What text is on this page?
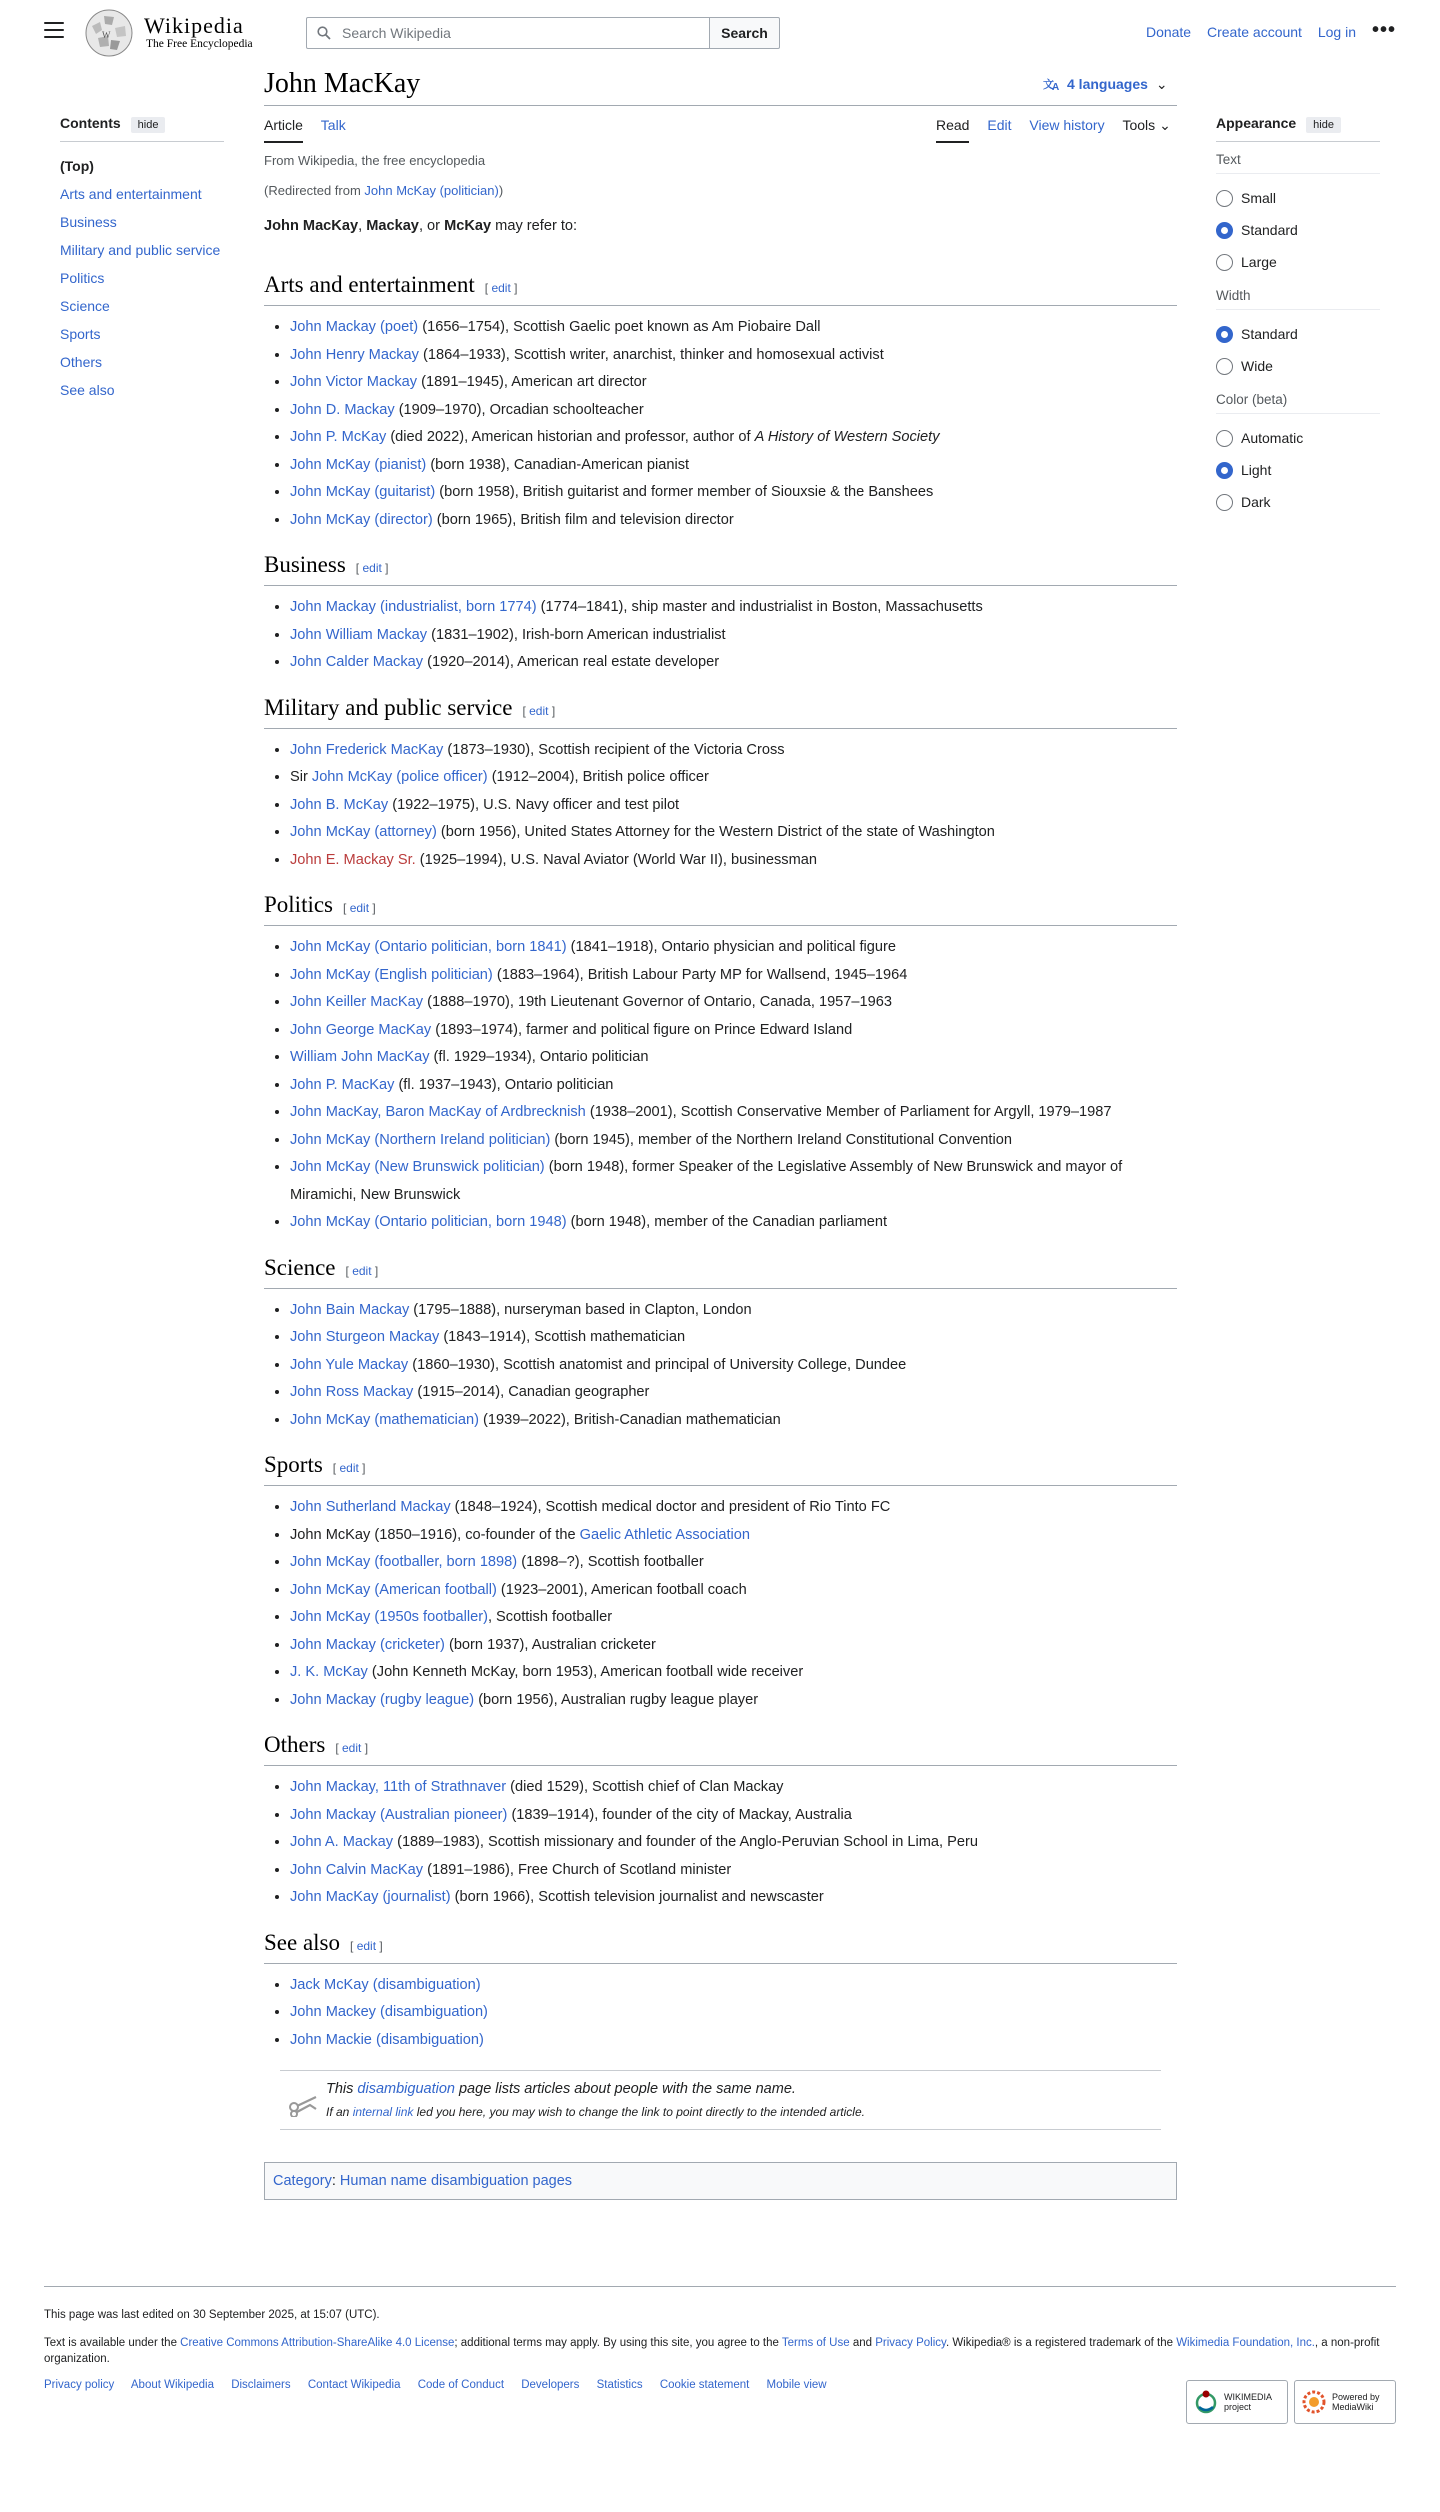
W Wikipedia
The Free Encyclopedia
Search Wikipedia	Search	Donate Create account Log in •••
John MacKay	文
A 4 languages ⌄
Article Talk	Read Edit View history Tools ⌄
Contents hide
(Top)
Arts and entertainment
Business
Military and public service
Politics
Science
Sports
Others
See also
Appearance hide
Text
Small
Standard
Large
Width
Standard
Wide
Color (beta)
Automatic
Light
Dark
From Wikipedia, the free encyclopedia
(Redirected from John McKay (politician))
John MacKay, Mackay, or McKay may refer to:
Arts and entertainment [ edit ]
• John Mackay (poet) (1656–1754), Scottish Gaelic poet known as Am Piobaire Dall
• John Henry Mackay (1864–1933), Scottish writer, anarchist, thinker and homosexual activist
• John Victor Mackay (1891–1945), American art director
• John D. Mackay (1909–1970), Orcadian schoolteacher
• John P. McKay (died 2022), American historian and professor, author of A History of Western Society
• John McKay (pianist) (born 1938), Canadian-American pianist
• John McKay (guitarist) (born 1958), British guitarist and former member of Siouxsie & the Banshees
• John McKay (director) (born 1965), British film and television director
Business [ edit ]
• John Mackay (industrialist, born 1774) (1774–1841), ship master and industrialist in Boston, Massachusetts
• John William Mackay (1831–1902), Irish-born American industrialist
• John Calder Mackay (1920–2014), American real estate developer
Military and public service [ edit ]
• John Frederick MacKay (1873–1930), Scottish recipient of the Victoria Cross
• Sir John McKay (police officer) (1912–2004), British police officer
• John B. McKay (1922–1975), U.S. Navy officer and test pilot
• John McKay (attorney) (born 1956), United States Attorney for the Western District of the state of Washington
• John E. Mackay Sr. (1925–1994), U.S. Naval Aviator (World War II), businessman
Politics [ edit ]
• John McKay (Ontario politician, born 1841) (1841–1918), Ontario physician and political figure
• John McKay (English politician) (1883–1964), British Labour Party MP for Wallsend, 1945–1964
• John Keiller MacKay (1888–1970), 19th Lieutenant Governor of Ontario, Canada, 1957–1963
• John George MacKay (1893–1974), farmer and political figure on Prince Edward Island
• William John MacKay (fl. 1929–1934), Ontario politician
• John P. MacKay (fl. 1937–1943), Ontario politician
• John MacKay, Baron MacKay of Ardbrecknish (1938–2001), Scottish Conservative Member of Parliament for Argyll, 1979–1987
• John McKay (Northern Ireland politician) (born 1945), member of the Northern Ireland Constitutional Convention
• John McKay (New Brunswick politician) (born 1948), former Speaker of the Legislative Assembly of New Brunswick and mayor of Miramichi, New Brunswick
• John McKay (Ontario politician, born 1948) (born 1948), member of the Canadian parliament
Science [ edit ]
• John Bain Mackay (1795–1888), nurseryman based in Clapton, London
• John Sturgeon Mackay (1843–1914), Scottish mathematician
• John Yule Mackay (1860–1930), Scottish anatomist and principal of University College, Dundee
• John Ross Mackay (1915–2014), Canadian geographer
• John McKay (mathematician) (1939–2022), British-Canadian mathematician
Sports [ edit ]
• John Sutherland Mackay (1848–1924), Scottish medical doctor and president of Rio Tinto FC
• John McKay (1850–1916), co-founder of the Gaelic Athletic Association
• John McKay (footballer, born 1898) (1898–?), Scottish footballer
• John McKay (American football) (1923–2001), American football coach
• John McKay (1950s footballer), Scottish footballer
• John Mackay (cricketer) (born 1937), Australian cricketer
• J. K. McKay (John Kenneth McKay, born 1953), American football wide receiver
• John Mackay (rugby league) (born 1956), Australian rugby league player
Others [ edit ]
• John Mackay, 11th of Strathnaver (died 1529), Scottish chief of Clan Mackay
• John Mackay (Australian pioneer) (1839–1914), founder of the city of Mackay, Australia
• John A. Mackay (1889–1983), Scottish missionary and founder of the Anglo-Peruvian School in Lima, Peru
• John Calvin MacKay (1891–1986), Free Church of Scotland minister
• John MacKay (journalist) (born 1966), Scottish television journalist and newscaster
See also [ edit ]
• Jack McKay (disambiguation)
• John Mackey (disambiguation)
• John Mackie (disambiguation)
This disambiguation page lists articles about people with the same name.
If an internal link led you here, you may wish to change the link to point directly to the intended article.
Category: Human name disambiguation pages

This page was last edited on 30 September 2025, at 15:07 (UTC).

Text is available under the Creative Commons Attribution-ShareAlike 4.0 License; additional terms may apply. By using this site, you agree to the Terms of Use and Privacy Policy. Wikipedia® is a registered trademark of the Wikimedia Foundation, Inc., a non-profit organization.

Privacy policy About Wikipedia Disclaimers Contact Wikipedia Code of Conduct Developers Statistics Cookie statement Mobile view
WIKIMEDIA project
Powered by MediaWiki
